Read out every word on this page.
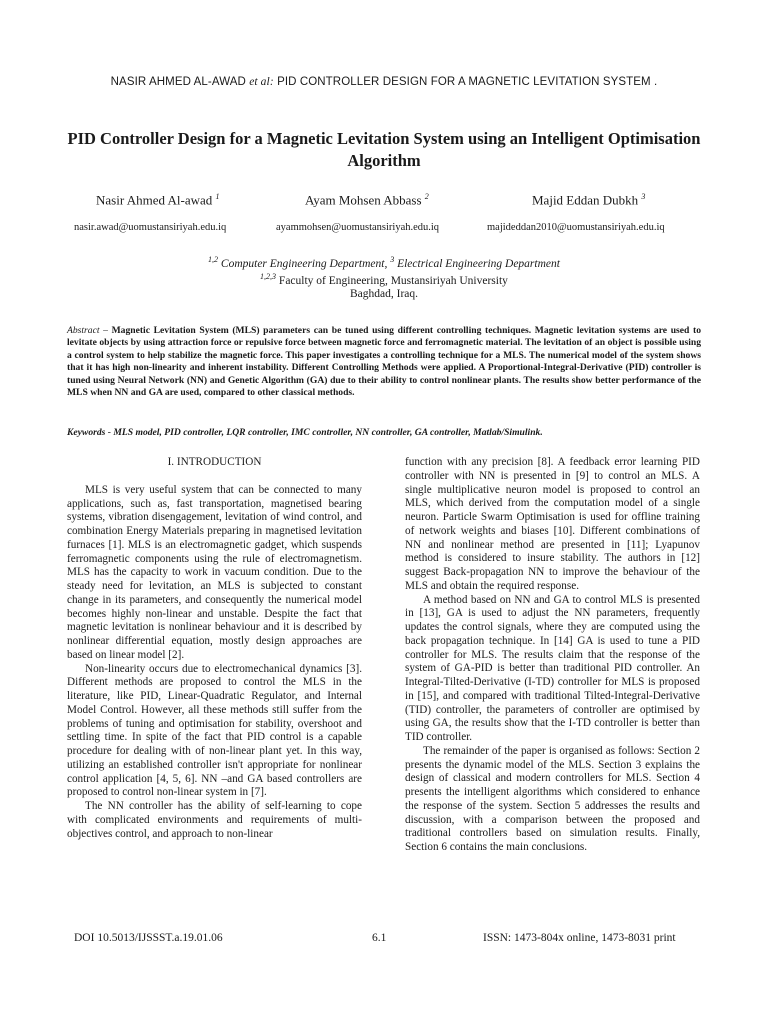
NASIR AHMED AL-AWAD et al: PID CONTROLLER DESIGN FOR A MAGNETIC LEVITATION SYSTEM .
PID Controller Design for a Magnetic Levitation System using an Intelligent Optimisation Algorithm
Nasir Ahmed Al-awad $^1$	Ayam Mohsen Abbass $^2$	Majid Eddan Dubkh $^3$
nasir.awad@uomustansiriyah.edu.iq	ayammohsen@uomustansiriyah.edu.iq	majideddan2010@uomustansiriyah.edu.iq
$^{1,2}$ Computer Engineering Department, $^3$ Electrical Engineering Department
$^{1,2,3}$ Faculty of Engineering, Mustansiriyah University
Baghdad, Iraq.
Abstract – Magnetic Levitation System (MLS) parameters can be tuned using different controlling techniques. Magnetic levitation systems are used to levitate objects by using attraction force or repulsive force between magnetic force and ferromagnetic material. The levitation of an object is possible using a control system to help stabilize the magnetic force. This paper investigates a controlling technique for a MLS. The numerical model of the system shows that it has high non-linearity and inherent instability. Different Controlling Methods were applied. A Proportional-Integral-Derivative (PID) controller is tuned using Neural Network (NN) and Genetic Algorithm (GA) due to their ability to control nonlinear plants. The results show better performance of the MLS when NN and GA are used, compared to other classical methods.
Keywords - MLS model, PID controller, LQR controller, IMC controller, NN controller, GA controller, Matlab/Simulink.
I. INTRODUCTION

MLS is very useful system that can be connected to many applications, such as, fast transportation, magnetised bearing systems, vibration disengagement, levitation of wind control, and combination Energy Materials preparing in magnetised levitation furnaces [1]. MLS is an electromagnetic gadget, which suspends ferromagnetic components using the rule of electromagnetism. MLS has the capacity to work in vacuum condition. Due to the steady need for levitation, an MLS is subjected to constant change in its parameters, and consequently the numerical model becomes highly non-linear and unstable. Despite the fact that magnetic levitation is nonlinear behaviour and it is described by nonlinear differential equation, mostly design approaches are based on linear model [2].

Non-linearity occurs due to electromechanical dynamics [3]. Different methods are proposed to control the MLS in the literature, like PID, Linear-Quadratic Regulator, and Internal Model Control. However, all these methods still suffer from the problems of tuning and optimisation for stability, overshoot and settling time. In spite of the fact that PID control is a capable procedure for dealing with of non-linear plant yet. In this way, utilizing an established controller isn't appropriate for nonlinear control application [4, 5, 6]. NN –and GA based controllers are proposed to control non-linear system in [7].

The NN controller has the ability of self-learning to cope with complicated environments and requirements of multi-objectives control, and approach to non-linear

function with any precision [8]. A feedback error learning PID controller with NN is presented in [9] to control an MLS. A single multiplicative neuron model is proposed to control an MLS, which derived from the computation model of a single neuron. Particle Swarm Optimisation is used for offline training of network weights and biases [10]. Different combinations of NN and nonlinear method are presented in [11]; Lyapunov method is considered to insure stability. The authors in [12] suggest Back-propagation NN to improve the behaviour of the MLS and obtain the required response.

A method based on NN and GA to control MLS is presented in [13], GA is used to adjust the NN parameters, frequently updates the control signals, where they are computed using the back propagation technique. In [14] GA is used to tune a PID controller for MLS. The results claim that the response of the system of GA-PID is better than traditional PID controller. An Integral-Tilted-Derivative (I-TD) controller for MLS is proposed in [15], and compared with traditional Tilted-Integral-Derivative (TID) controller, the parameters of controller are optimised by using GA, the results show that the I-TD controller is better than TID controller.

The remainder of the paper is organised as follows: Section 2 presents the dynamic model of the MLS. Section 3 explains the design of classical and modern controllers for MLS. Section 4 presents the intelligent algorithms which considered to enhance the response of the system. Section 5 addresses the results and discussion, with a comparison between the proposed and traditional controllers based on simulation results. Finally, Section 6 contains the main conclusions.

DOI 10.5013/IJSSST.a.19.01.06	6.1	ISSN: 1473-804x online, 1473-8031 print
